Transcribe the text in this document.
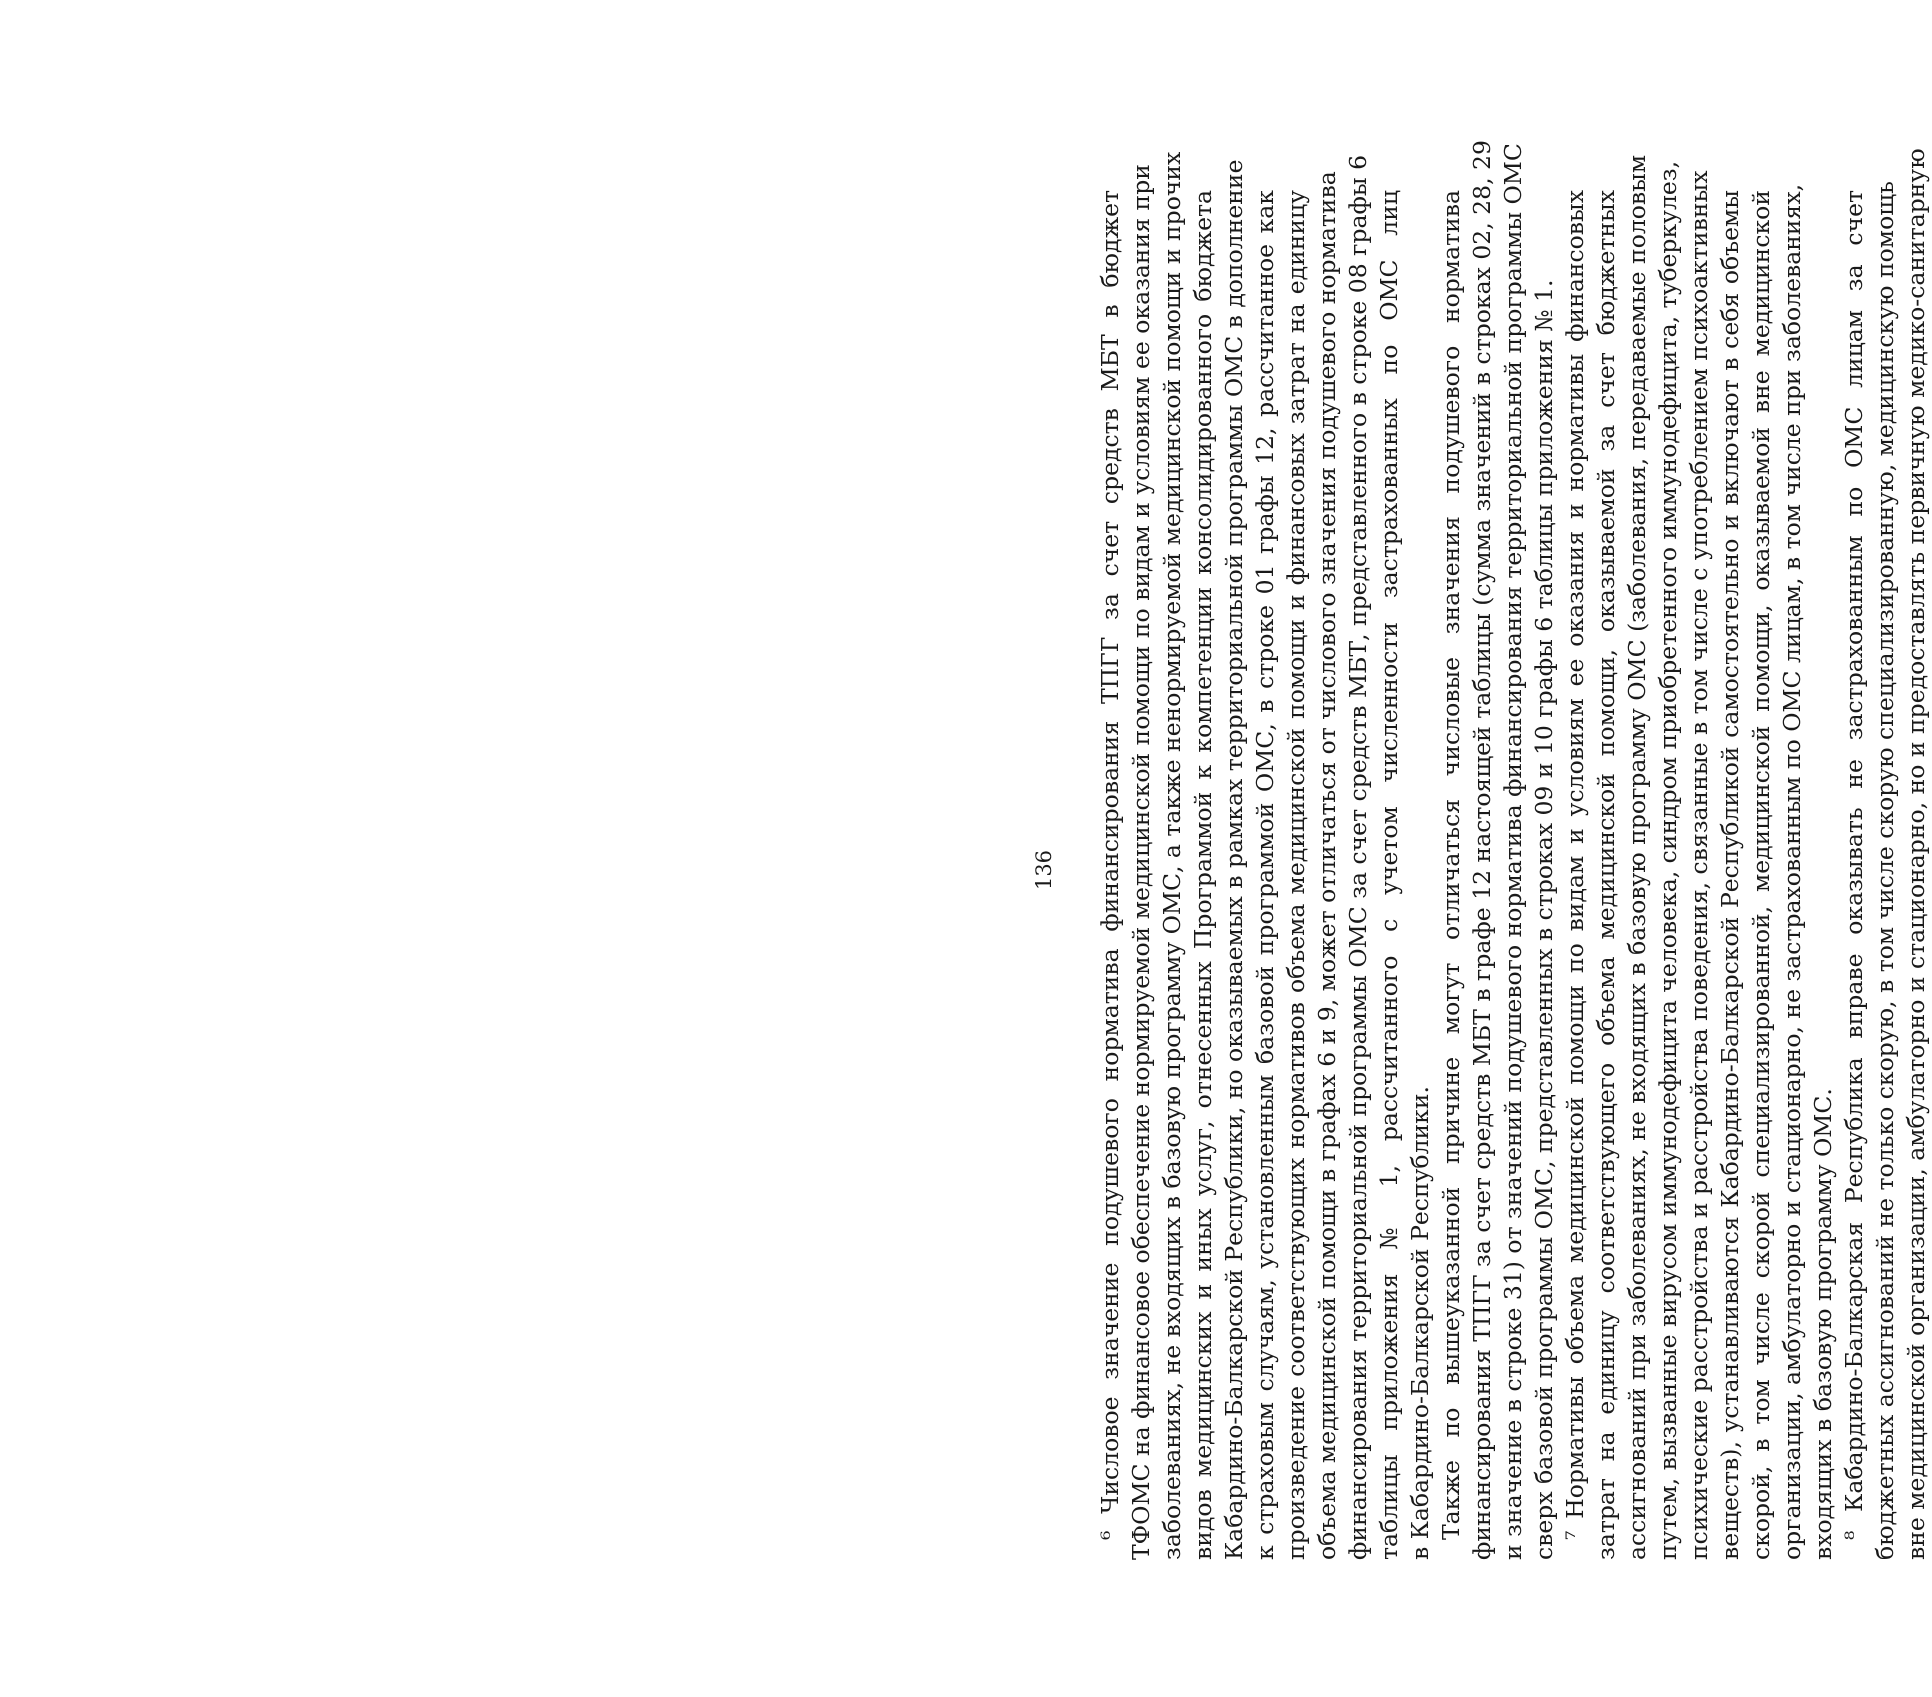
136 ⁶ Числовое значение подушевого норматива финансирования ТПГГ за счет средств МБТ в бюджет ТФОМС на финансовое обеспечение нормируемой медицинской помощи по видам и условиям ее оказания при заболеваниях, не входящих в базовую программу ОМС, а также ненормируемой медицинской помощи и прочих видов медицинских и иных услуг, отнесенных Программой к компетенции консолидированного бюджета Кабардино-Балкарской Республики, но оказываемых в рамках территориальной программы ОМС в дополнение к страховым случаям, установленным базовой программой ОМС, в строке 01 графы 12, рассчитанное как произведение соответствующих нормативов объема медицинской помощи и финансовых затрат на единицу объема медицинской помощи в графах 6 и 9, может отличаться от числового значения подушевого норматива финансирования территориальной программы ОМС за счет средств МБТ, представленного в строке 08 графы 6 таблицы приложения № 1, рассчитанного с учетом численности застрахованных по ОМС лиц в Кабардино-Балкарской Республики. Также по вышеуказанной причине могут отличаться числовые значения подушевого норматива финансирования ТПГГ за счет средств МБТ в графе 12 настоящей таблицы (сумма значений в строках 02, 28, 29 и значение в строке 31) от значений подушевого норматива финансирования территориальной программы ОМС сверх базовой программы ОМС, представленных в строках 09 и 10 графы 6 таблицы приложения № 1. ⁷ Нормативы объема медицинской помощи по видам и условиям ее оказания и нормативы финансовых затрат на единицу соответствующего объема медицинской помощи, оказываемой за счет бюджетных ассигнований при заболеваниях, не входящих в базовую программу ОМС (заболевания, передаваемые половым путем, вызванные вирусом иммунодефицита человека, синдром приобретенного иммунодефицита, туберкулез, психические расстройства и расстройства поведения, связанные в том числе с употреблением психоактивных веществ), устанавливаются Кабардино-Балкарской Республикой самостоятельно и включают в себя объемы скорой, в том числе скорой специализированной, медицинской помощи, оказываемой вне медицинской организации, амбулаторно и стационарно, не застрахованным по ОМС лицам, в том числе при заболеваниях, входящих в базовую программу ОМС. ⁸ Кабардино-Балкарская Республика вправе оказывать не застрахованным по ОМС лицам за счет бюджетных ассигнований не только скорую, в том числе скорую специализированную, медицинскую помощь вне медицинской организации, амбулаторно и стационарно, но и предоставлять первичную медико-санитарную
